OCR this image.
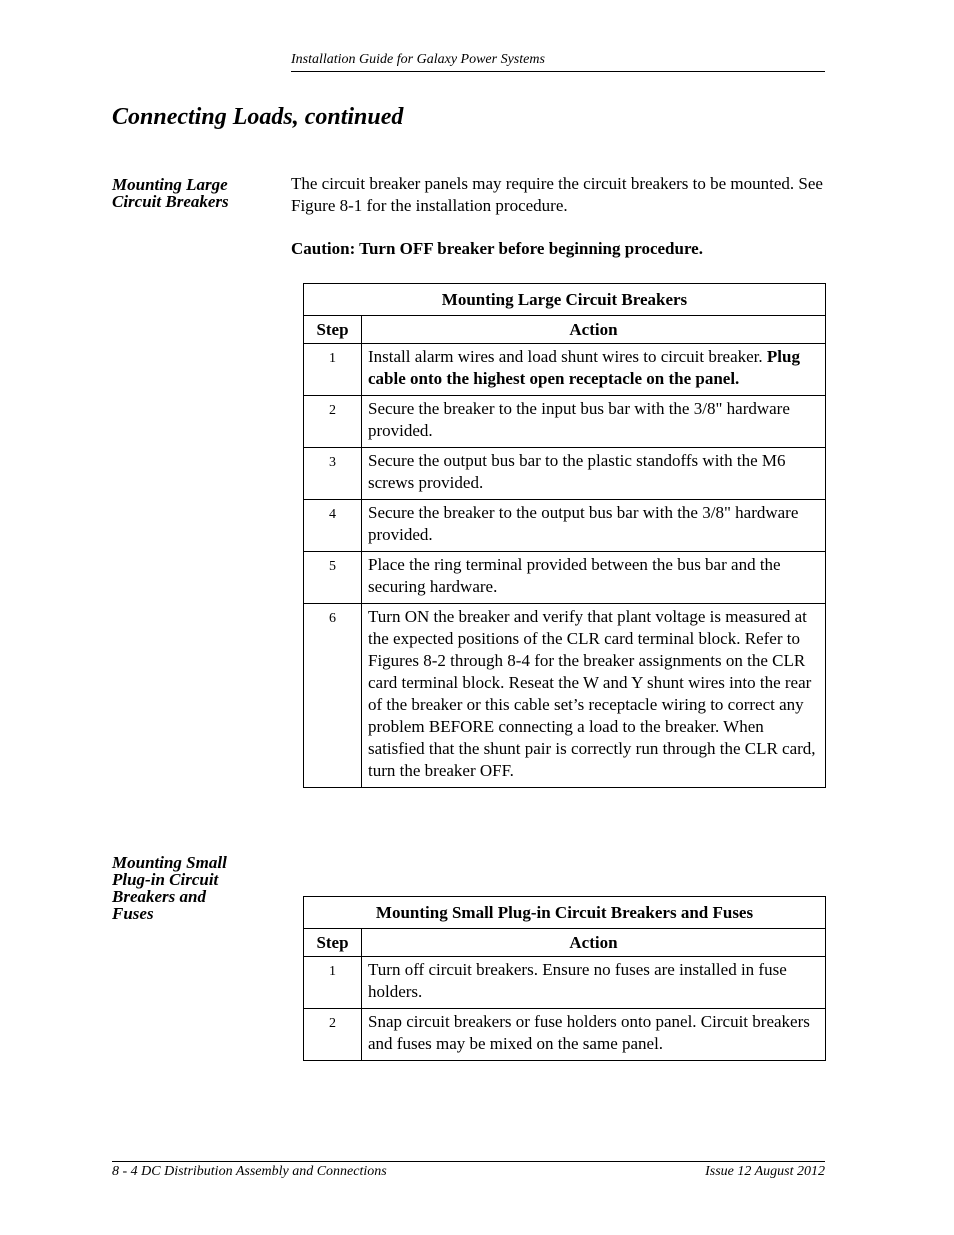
Installation Guide for Galaxy Power Systems
Connecting Loads, continued
Mounting Large Circuit Breakers

The circuit breaker panels may require the circuit breakers to be mounted. See Figure 8-1 for the installation procedure.

Caution: Turn OFF breaker before beginning procedure.

Mounting Large Circuit Breakers	
Step	Action
1	Install alarm wires and load shunt wires to circuit breaker. Plug cable onto the highest open receptacle on the panel.
2	Secure the breaker to the input bus bar with the 3/8" hardware provided.
3	Secure the output bus bar to the plastic standoffs with the M6 screws provided.
4	Secure the breaker to the output bus bar with the 3/8" hardware provided.
5	Place the ring terminal provided between the bus bar and the securing hardware.
6	Turn ON the breaker and verify that plant voltage is measured at the expected positions of the CLR card terminal block. Refer to Figures 8-2 through 8-4 for the breaker assignments on the CLR card terminal block. Reseat the W and Y shunt wires into the rear of the breaker or this cable set’s receptacle wiring to correct any problem BEFORE connecting a load to the breaker. When satisfied that the shunt pair is correctly run through the CLR card, turn the breaker OFF.
Mounting Small Plug-in Circuit Breakers and Fuses	Mounting Small Plug-in Circuit Breakers and Fuses	
Step	Action
1	Turn off circuit breakers. Ensure no fuses are installed in fuse holders.
2	Snap circuit breakers or fuse holders onto panel. Circuit breakers and fuses may be mixed on the same panel.
8 - 4 DC Distribution Assembly and Connections	Issue 12 August 2012
